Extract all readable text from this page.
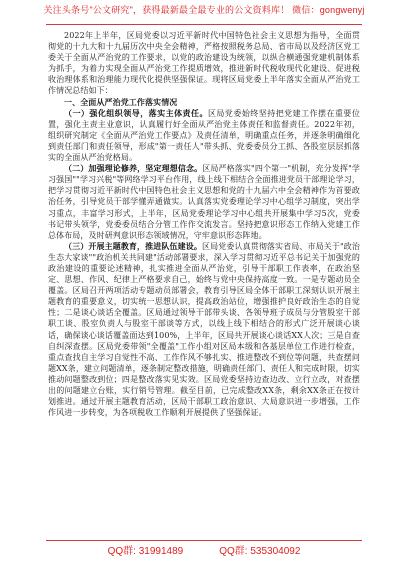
关注头条号"公文研究"，获得最新最全最专业的公文资料库！ 微信：gongwenyj

2022年上半年，区局党委以习近平新时代中国特色社会主义思想为指导，全面贯彻党的十九大和十九届历次中央全会精神，严格按照税务总局、省市局以及经济区党工委关于全面从严治党的工作要求，以党的政治建设为统领，以纵合横通强党建机制体系为抓手，为着力实现全面从严治党工作提质增效，推进新时代税收现代化建设、促进税收治理体系和治理能力现代化提供坚强保证。现将区局党委上半年落实全面从严治党工作情况总结如下：

一、全面从严治党工作落实情况

（一）强化组织领导，落实主体责任。区局党委始终坚持把党建工作摆在重要位置，强化主责主业意识，认真履行好全面从严治党主体责任和监督责任。2022年初，组织研究制定《全面从严治党工作要点》及责任清单，明确重点任务，并逐条明确细化到责任部门和责任领导，形成"第一责任人"带头抓、党委委员分工抓、各股室层层抓落实的全面从严治党格局。

（二）加强理论修养，坚定理想信念。区局严格落实"四个第一"机制，充分发挥"学习强国""学习兴税"等网络学习平台作用，线上线下相结合全面推进党员干部理论学习，把学习贯彻习近平新时代中国特色社会主义思想和党的十九届六中全会精神作为首要政治任务，引导党员干部学懂弄通做实。认真落实党委理论学习中心组学习制度，突出学习重点，丰富学习形式，上半年，区局党委理论学习中心组共开展集中学习5次，党委书记带头领学，党委委员结合分管工作作交流发言。坚持把意识形态工作纳入党建工作总体布局，及时研判意识形态领域情况，守牢意识形态阵地。

（三）开展主题教育，推进队伍建设。区局党委认真贯彻落实省局、市局关于"政治生态大家谈""政治机关共同建"活动部署要求，深入学习贯彻习近平总书记关于加强党的政治建设的重要论述精神，扎实推进全面从严治党，引导干部职工作表率，在政治坚定、思想、作风、纪律上严格要求自己，始终与党中央保持高度一致。一是专题动员全覆盖。区局召开两项活动专题动员部署会，教育引导区局全体干部职工深刻认识开展主题教育的重要意义，切实统一思想认识，提高政治站位，增强推护良好政治生态的自觉性；二是谈心谈话全覆盖。区局通过领导干部带头谈、各领导班子成员与分管股室干部职工谈、股室负责人与股室干部谈等方式，以线上线下相结合的形式广泛开展谈心谈话，确保谈心谈话覆盖面达到100%，上半年，区局共开展谈心谈话XX人次；三是自查自纠深查摆。区局党委带领"全覆盖"工作小组对区局本级和各基层单位工作进行检查，重点查找自主学习自觉性不高、工作作风不够扎实、推进整改不到位等问题，共查摆问题XX条，建立问题清单，逐条制定整改措施，明确责任部门、责任人和完成时限，切实推动问题整改到位；四是整改落实见实效。区局党委坚持边查边改、立行立改，对查摆出的问题建立台账，实行销号管理。截至目前，已完成整改XX条，剩余XX条正在按计划推进。通过开展主题教育活动，区局干部职工政治意识、大局意识进一步增强，工作作风进一步转变，为各项税收工作顺利开展提供了坚强保证。

QQ群: 31991489	QQ群: 535304092
